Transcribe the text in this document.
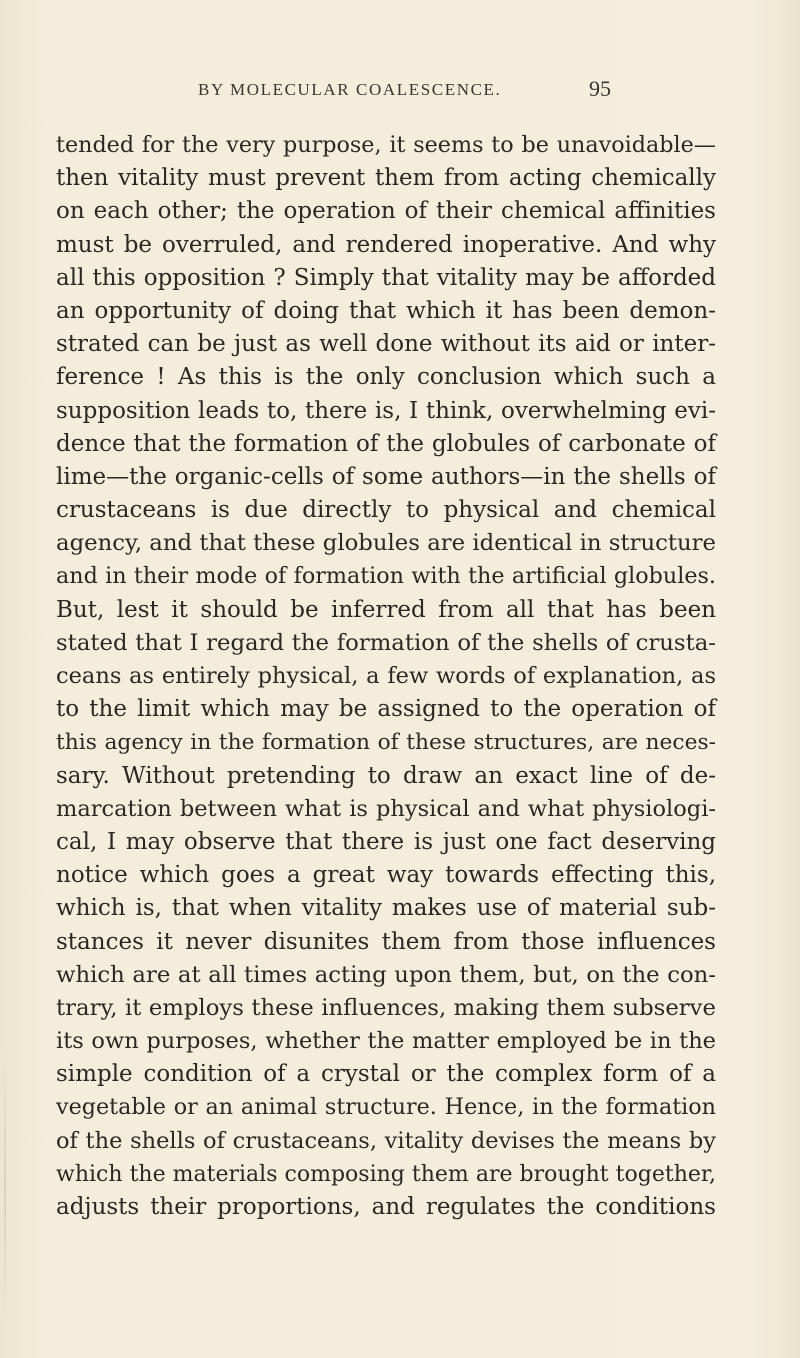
BY MOLECULAR COALESCENCE.	95
tended for the very purpose, it seems to be unavoidable—
then vitality must prevent them from acting chemically
on each other; the operation of their chemical affinities
must be overruled, and rendered inoperative. And why
all this opposition ? Simply that vitality may be afforded
an opportunity of doing that which it has been demon-
strated can be just as well done without its aid or inter-
ference ! As this is the only conclusion which such a
supposition leads to, there is, I think, overwhelming evi-
dence that the formation of the globules of carbonate of
lime—the organic-cells of some authors—in the shells of
crustaceans is due directly to physical and chemical
agency, and that these globules are identical in structure
and in their mode of formation with the artificial globules.
But, lest it should be inferred from all that has been
stated that I regard the formation of the shells of crusta-
ceans as entirely physical, a few words of explanation, as
to the limit which may be assigned to the operation of
this agency in the formation of these structures, are neces-
sary. Without pretending to draw an exact line of de-
marcation between what is physical and what physiologi-
cal, I may observe that there is just one fact deserving
notice which goes a great way towards effecting this,
which is, that when vitality makes use of material sub-
stances it never disunites them from those influences
which are at all times acting upon them, but, on the con-
trary, it employs these influences, making them subserve
its own purposes, whether the matter employed be in the
simple condition of a crystal or the complex form of a
vegetable or an animal structure. Hence, in the formation
of the shells of crustaceans, vitality devises the means by
which the materials composing them are brought together,
adjusts their proportions, and regulates the conditions
